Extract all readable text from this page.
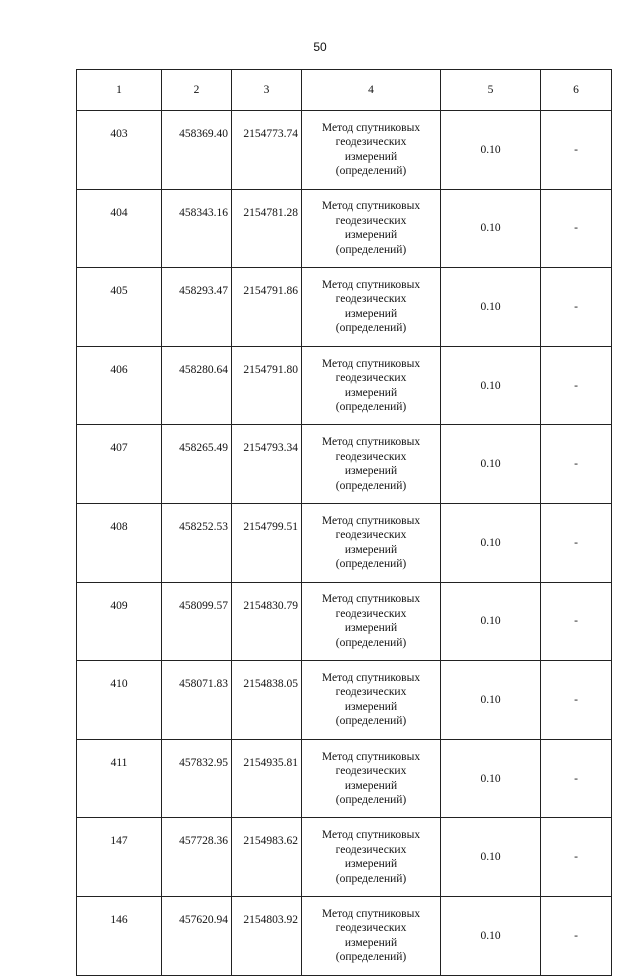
50
1	2	3	4	5	6
403	458369.40	2154773.74	Метод спутниковых
геодезических
измерений
(определений)	0.10	-
404	458343.16	2154781.28	Метод спутниковых
геодезических
измерений
(определений)	0.10	-
405	458293.47	2154791.86	Метод спутниковых
геодезических
измерений
(определений)	0.10	-
406	458280.64	2154791.80	Метод спутниковых
геодезических
измерений
(определений)	0.10	-
407	458265.49	2154793.34	Метод спутниковых
геодезических
измерений
(определений)	0.10	-
408	458252.53	2154799.51	Метод спутниковых
геодезических
измерений
(определений)	0.10	-
409	458099.57	2154830.79	Метод спутниковых
геодезических
измерений
(определений)	0.10	-
410	458071.83	2154838.05	Метод спутниковых
геодезических
измерений
(определений)	0.10	-
411	457832.95	2154935.81	Метод спутниковых
геодезических
измерений
(определений)	0.10	-
147	457728.36	2154983.62	Метод спутниковых
геодезических
измерений
(определений)	0.10	-
146	457620.94	2154803.92	Метод спутниковых
геодезических
измерений
(определений)	0.10	-
